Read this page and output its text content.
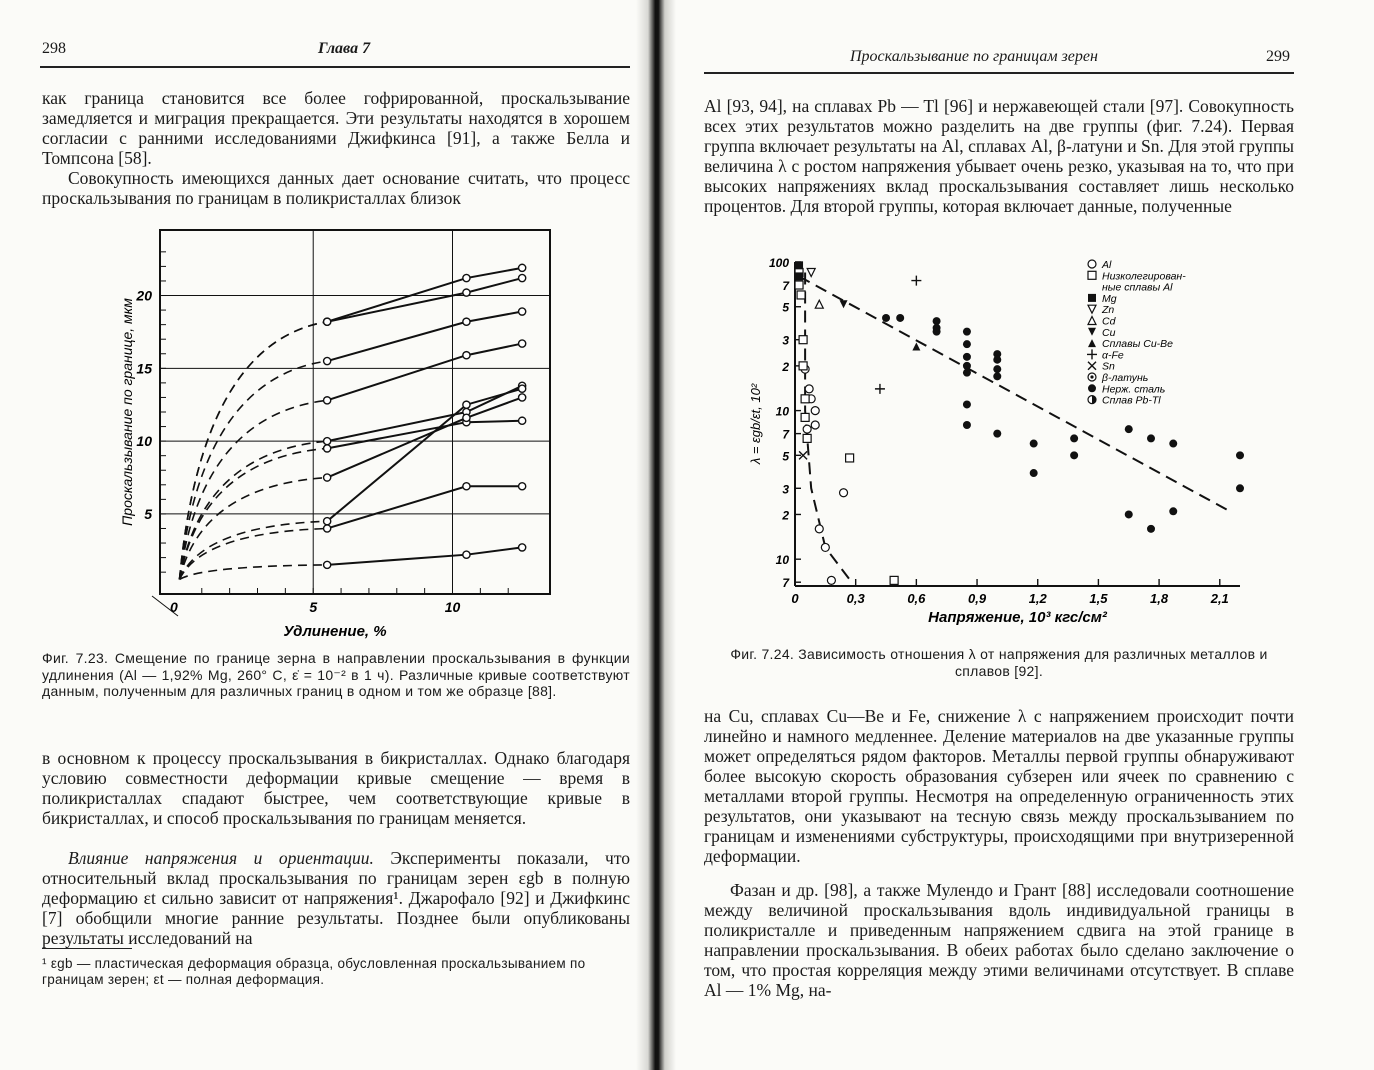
298	Глава 7

как граница становится все более гофрированной, проскальзывание замедляется и миграция прекращается. Эти результаты находятся в хорошем согласии с ранними исследованиями Джифкинса [91], а также Белла и Томпсона [58].

Совокупность имеющихся данных дает основание считать, что процесс проскальзывания по границам в поликристаллах близок

0	5	10
5
10
15
20
Удлинение, %
Проскальзывание по границе, мкм

Фиг. 7.23. Смещение по границе зерна в направлении проскальзывания в функции удлинения (Al — 1,92% Mg, 260° C, ε̇ = 10⁻² в 1 ч). Различные кривые соответствуют данным, полученным для различных границ в одном и том же образце [88].

в основном к процессу проскальзывания в бикристаллах. Однако благодаря условию совместности деформации кривые смещение — время в поликристаллах спадают быстрее, чем соответствующие кривые в бикристаллах, и способ проскальзывания по границам меняется.

Влияние напряжения и ориентации. Эксперименты показали, что относительный вклад проскальзывания по границам зерен εgb в полную деформацию εt сильно зависит от напряжения¹. Джарофало [92] и Джифкинс [7] обобщили многие ранние результаты. Позднее были опубликованы результаты исследований на

¹ εgb — пластическая деформация образца, обусловленная проскальзыванием по границам зерен; εt — полная деформация.

Проскальзывание по границам зерен	299

Al [93, 94], на сплавах Pb — Tl [96] и нержавеющей стали [97]. Совокупность всех этих результатов можно разделить на две группы (фиг. 7.24). Первая группа включает результаты на Al, сплавах Al, β-латуни и Sn. Для этой группы величина λ с ростом напряжения убывает очень резко, указывая на то, что при высоких напряжениях вклад проскальзывания составляет лишь несколько процентов. Для второй группы, которая включает данные, полученные

0	0,3	0,6	0,9	1,2	1,5	1,8	2,1
100
7
5
3
2
10
7
5
3
2
10
7
Напряжение, 10³ кгс/см²
λ = εgb/εt, 10²
Al
Низколегирован-
ные сплавы Al
Mg
Zn
Cd
Cu
Сплавы Cu-Be
α-Fe
Sn
β-латунь
Нерж. сталь
Сплав Pb-Tl

Фиг. 7.24. Зависимость отношения λ от напряжения для различных металлов и сплавов [92].

на Cu, сплавах Cu—Be и Fe, снижение λ с напряжением происходит почти линейно и намного медленнее. Деление материалов на две указанные группы может определяться рядом факторов. Металлы первой группы обнаруживают более высокую скорость образования субзерен или ячеек по сравнению с металлами второй группы. Несмотря на определенную ограниченность этих результатов, они указывают на тесную связь между проскальзыванием по границам и изменениями субструктуры, происходящими при внутризеренной деформации.

Фазан и др. [98], а также Мулендо и Грант [88] исследовали соотношение между величиной проскальзывания вдоль индивидуальной границы в поликристалле и приведенным напряжением сдвига на этой границе в направлении проскальзывания. В обеих работах было сделано заключение о том, что простая корреляция между этими величинами отсутствует. В сплаве Al — 1% Mg, на-
